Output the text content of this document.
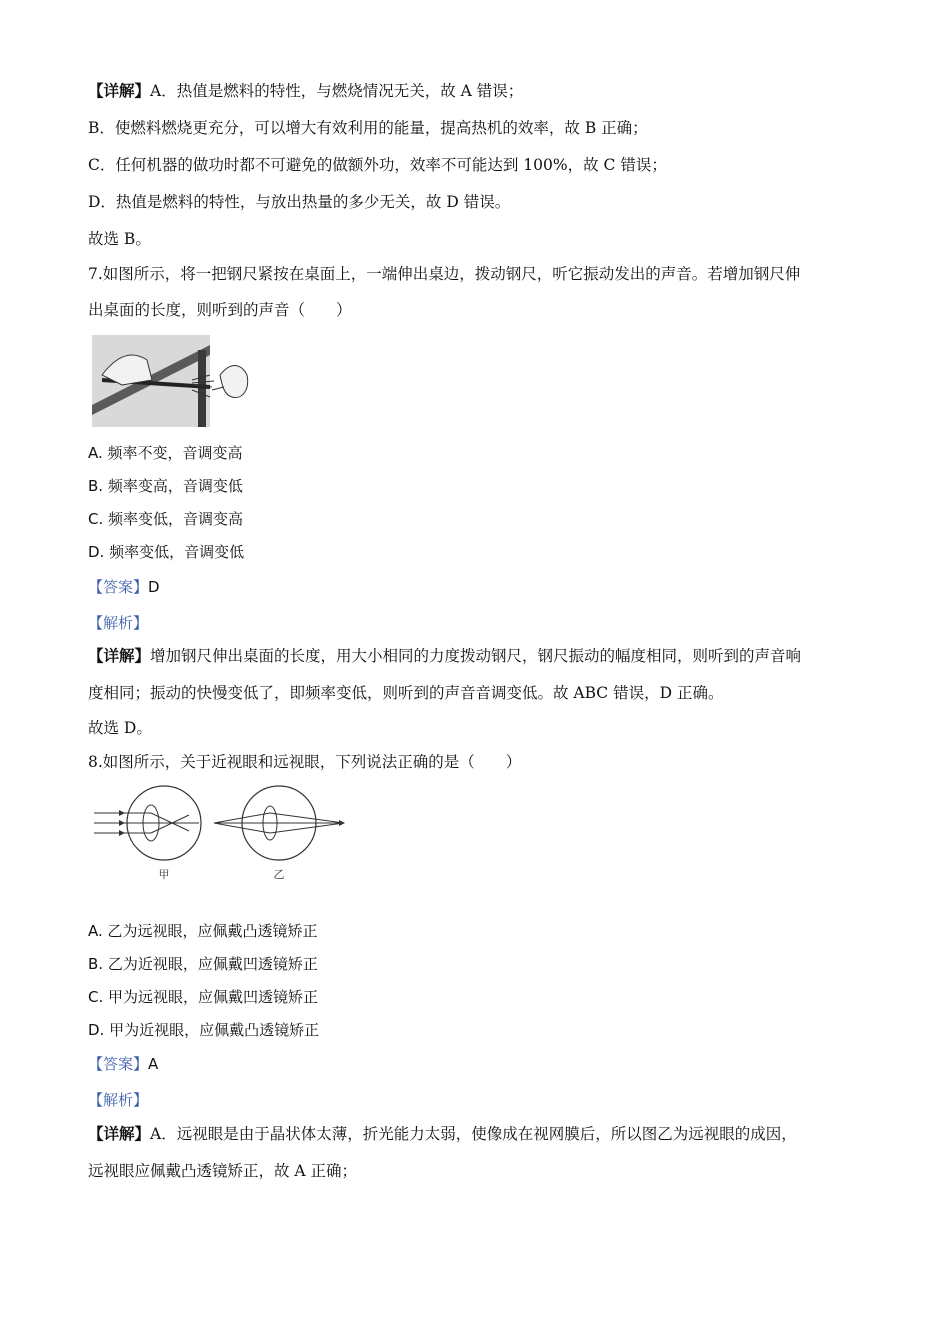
【详解】A．热值是燃料的特性，与燃烧情况无关，故 A 错误；
B．使燃料燃烧更充分，可以增大有效利用的能量，提高热机的效率，故 B 正确；
C．任何机器的做功时都不可避免的做额外功，效率不可能达到 100%，故 C 错误；
D．热值是燃料的特性，与放出热量的多少无关，故 D 错误。
故选 B。
7.如图所示，将一把钢尺紧按在桌面上，一端伸出桌边，拨动钢尺，听它振动发出的声音。若增加钢尺伸
出桌面的长度，则听到的声音（　　）
A. 频率不变，音调变高
B. 频率变高，音调变低
C. 频率变低，音调变高
D. 频率变低，音调变低
【答案】D
【解析】
【详解】增加钢尺伸出桌面的长度，用大小相同的力度拨动钢尺，钢尺振动的幅度相同，则听到的声音响
度相同；振动的快慢变低了，即频率变低，则听到的声音音调变低。故 ABC 错误，D 正确。
故选 D。
8.如图所示，关于近视眼和远视眼，下列说法正确的是（　　）
甲	乙
A. 乙为远视眼，应佩戴凸透镜矫正
B. 乙为近视眼，应佩戴凹透镜矫正
C. 甲为远视眼，应佩戴凹透镜矫正
D. 甲为近视眼，应佩戴凸透镜矫正
【答案】A
【解析】
【详解】A．远视眼是由于晶状体太薄，折光能力太弱，使像成在视网膜后，所以图乙为远视眼的成因，
远视眼应佩戴凸透镜矫正，故 A 正确；
